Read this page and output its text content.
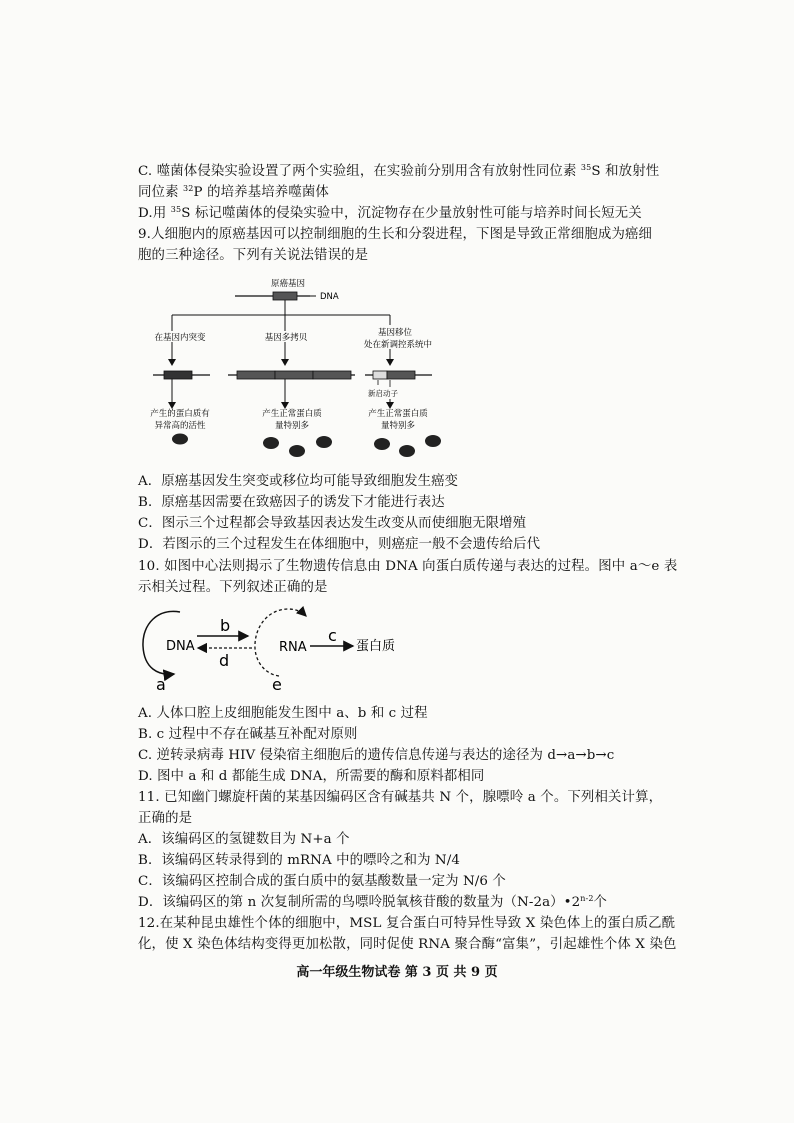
C. 噬菌体侵染实验设置了两个实验组，在实验前分别用含有放射性同位素 $^{35}$S 和放射性
同位素 $^{32}$P 的培养基培养噬菌体
D.用 $^{35}$S 标记噬菌体的侵染实验中，沉淀物存在少量放射性可能与培养时间长短无关
9.人细胞内的原癌基因可以控制细胞的生长和分裂进程，下图是导致正常细胞成为癌细
胞的三种途径。下列有关说法错误的是
原癌基因
DNA
在基因内突变	基因多拷贝	基因移位
处在新调控系统中
新启动子
产生的蛋白质有
异常高的活性
产生正常蛋白质
量特别多
产生正常蛋白质
量特别多
A．原癌基因发生突变或移位均可能导致细胞发生癌变
B．原癌基因需要在致癌因子的诱发下才能进行表达
C．图示三个过程都会导致基因表达发生改变从而使细胞无限增殖
D．若图示的三个过程发生在体细胞中，则癌症一般不会遗传给后代
10. 如图中心法则揭示了生物遗传信息由 DNA 向蛋白质传递与表达的过程。图中 a～e 表
示相关过程。下列叙述正确的是
DNA
a
b
d
RNA
e
c
蛋白质
A. 人体口腔上皮细胞能发生图中 a、b 和 c 过程
B. c 过程中不存在碱基互补配对原则
C. 逆转录病毒 HIV 侵染宿主细胞后的遗传信息传递与表达的途径为 d→a→b→c
D. 图中 a 和 d 都能生成 DNA，所需要的酶和原料都相同
11. 已知幽门螺旋杆菌的某基因编码区含有碱基共 N 个，腺嘌呤 a 个。下列相关计算，
正确的是
A．该编码区的氢键数目为 N+a 个
B．该编码区转录得到的 mRNA 中的嘌呤之和为 N/4
C．该编码区控制合成的蛋白质中的氨基酸数量一定为 N/6 个
D．该编码区的第 n 次复制所需的鸟嘌呤脱氧核苷酸的数量为（N-2a）•2$^{n-2}$个
12.在某种昆虫雄性个体的细胞中，MSL 复合蛋白可特异性导致 X 染色体上的蛋白质乙酰
化，使 X 染色体结构变得更加松散，同时促使 RNA 聚合酶“富集”，引起雄性个体 X 染色
高一年级生物试卷 第 3 页 共 9 页
